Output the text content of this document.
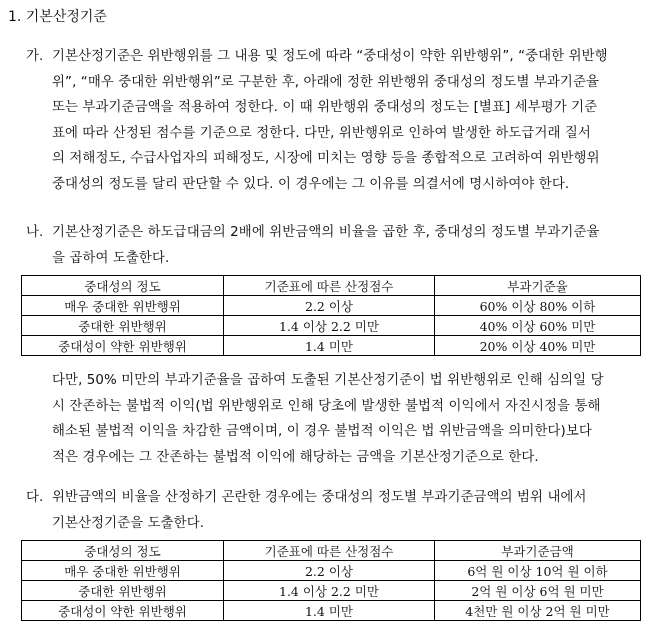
1. 기본산정기준
가. 기본산정기준은 위반행위를 그 내용 및 정도에 따라 “중대성이 약한 위반행위”, “중대한 위반행
위”, “매우 중대한 위반행위”로 구분한 후, 아래에 정한 위반행위 중대성의 정도별 부과기준율
또는 부과기준금액을 적용하여 정한다. 이 때 위반행위 중대성의 정도는 [별표] 세부평가 기준
표에 따라 산정된 점수를 기준으로 정한다. 다만, 위반행위로 인하여 발생한 하도급거래 질서
의 저해정도, 수급사업자의 피해정도, 시장에 미치는 영향 등을 종합적으로 고려하여 위반행위
중대성의 정도를 달리 판단할 수 있다. 이 경우에는 그 이유를 의결서에 명시하여야 한다.
나. 기본산정기준은 하도급대금의 2배에 위반금액의 비율을 곱한 후, 중대성의 정도별 부과기준율
을 곱하여 도출한다.
중대성의 정도	기준표에 따른 산정점수	부과기준율
매우 중대한 위반행위	2.2 이상	60% 이상 80% 이하
중대한 위반행위	1.4 이상 2.2 미만	40% 이상 60% 미만
중대성이 약한 위반행위	1.4 미만	20% 이상 40% 미만
다만, 50% 미만의 부과기준율을 곱하여 도출된 기본산정기준이 법 위반행위로 인해 심의일 당
시 잔존하는 불법적 이익(법 위반행위로 인해 당초에 발생한 불법적 이익에서 자진시정을 통해
해소된 불법적 이익을 차감한 금액이며, 이 경우 불법적 이익은 법 위반금액을 의미한다)보다
적은 경우에는 그 잔존하는 불법적 이익에 해당하는 금액을 기본산정기준으로 한다.
다. 위반금액의 비율을 산정하기 곤란한 경우에는 중대성의 정도별 부과기준금액의 범위 내에서
기본산정기준을 도출한다.
중대성의 정도	기준표에 따른 산정점수	부과기준금액
매우 중대한 위반행위	2.2 이상	6억 원 이상 10억 원 이하
중대한 위반행위	1.4 이상 2.2 미만	2억 원 이상 6억 원 미만
중대성이 약한 위반행위	1.4 미만	4천만 원 이상 2억 원 미만
